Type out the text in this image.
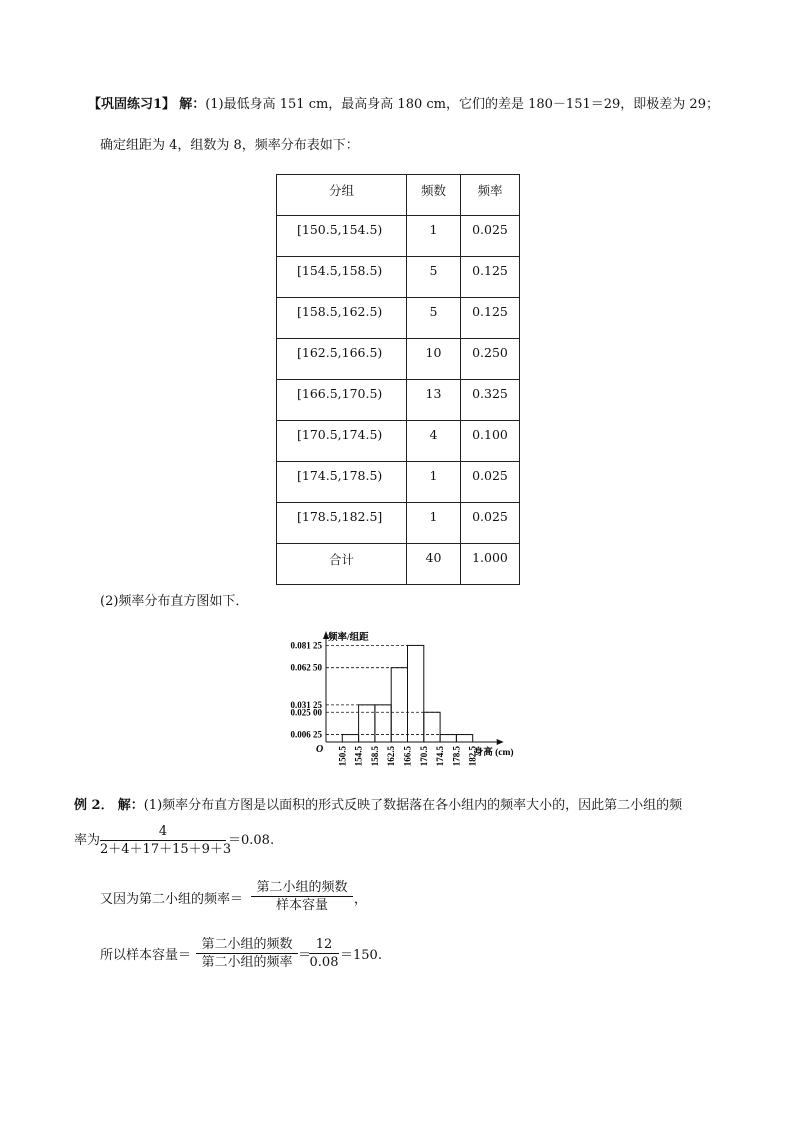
【巩固练习1】 解：(1)最低身高 151 cm，最高身高 180 cm，它们的差是 180－151＝29，即极差为 29；
确定组距为 4，组数为 8，频率分布表如下：
分组	频数	频率

[150.5,154.5)	1	0.025

[154.5,158.5)	5	0.125

[158.5,162.5)	5	0.125

[162.5,166.5)	10	0.250

[166.5,170.5)	13	0.325

[170.5,174.5)	4	0.100

[174.5,178.5)	1	0.025

[178.5,182.5]	1	0.025

合计	40	1.000
(2)频率分布直方图如下．
0.006 25
0.025 00
0.031 25
0.062 50
0.081 25
150.5 154.5 158.5 162.5 166.5 170.5 174.5 178.5 182.5
频率/组距
身高 (cm)
O
例 2． 解：(1)频率分布直方图是以面积的形式反映了数据落在各小组内的频率大小的，因此第二小组的频
率为 $\frac{4}{2+4+17+15+9+3} =0.08$.
又因为第二小组的频率＝
第二小组的频数
样本容量	，
所以样本容量＝
第二小组的频数
第二小组的频率 ＝
$\frac{12}{0.08} =150$.
